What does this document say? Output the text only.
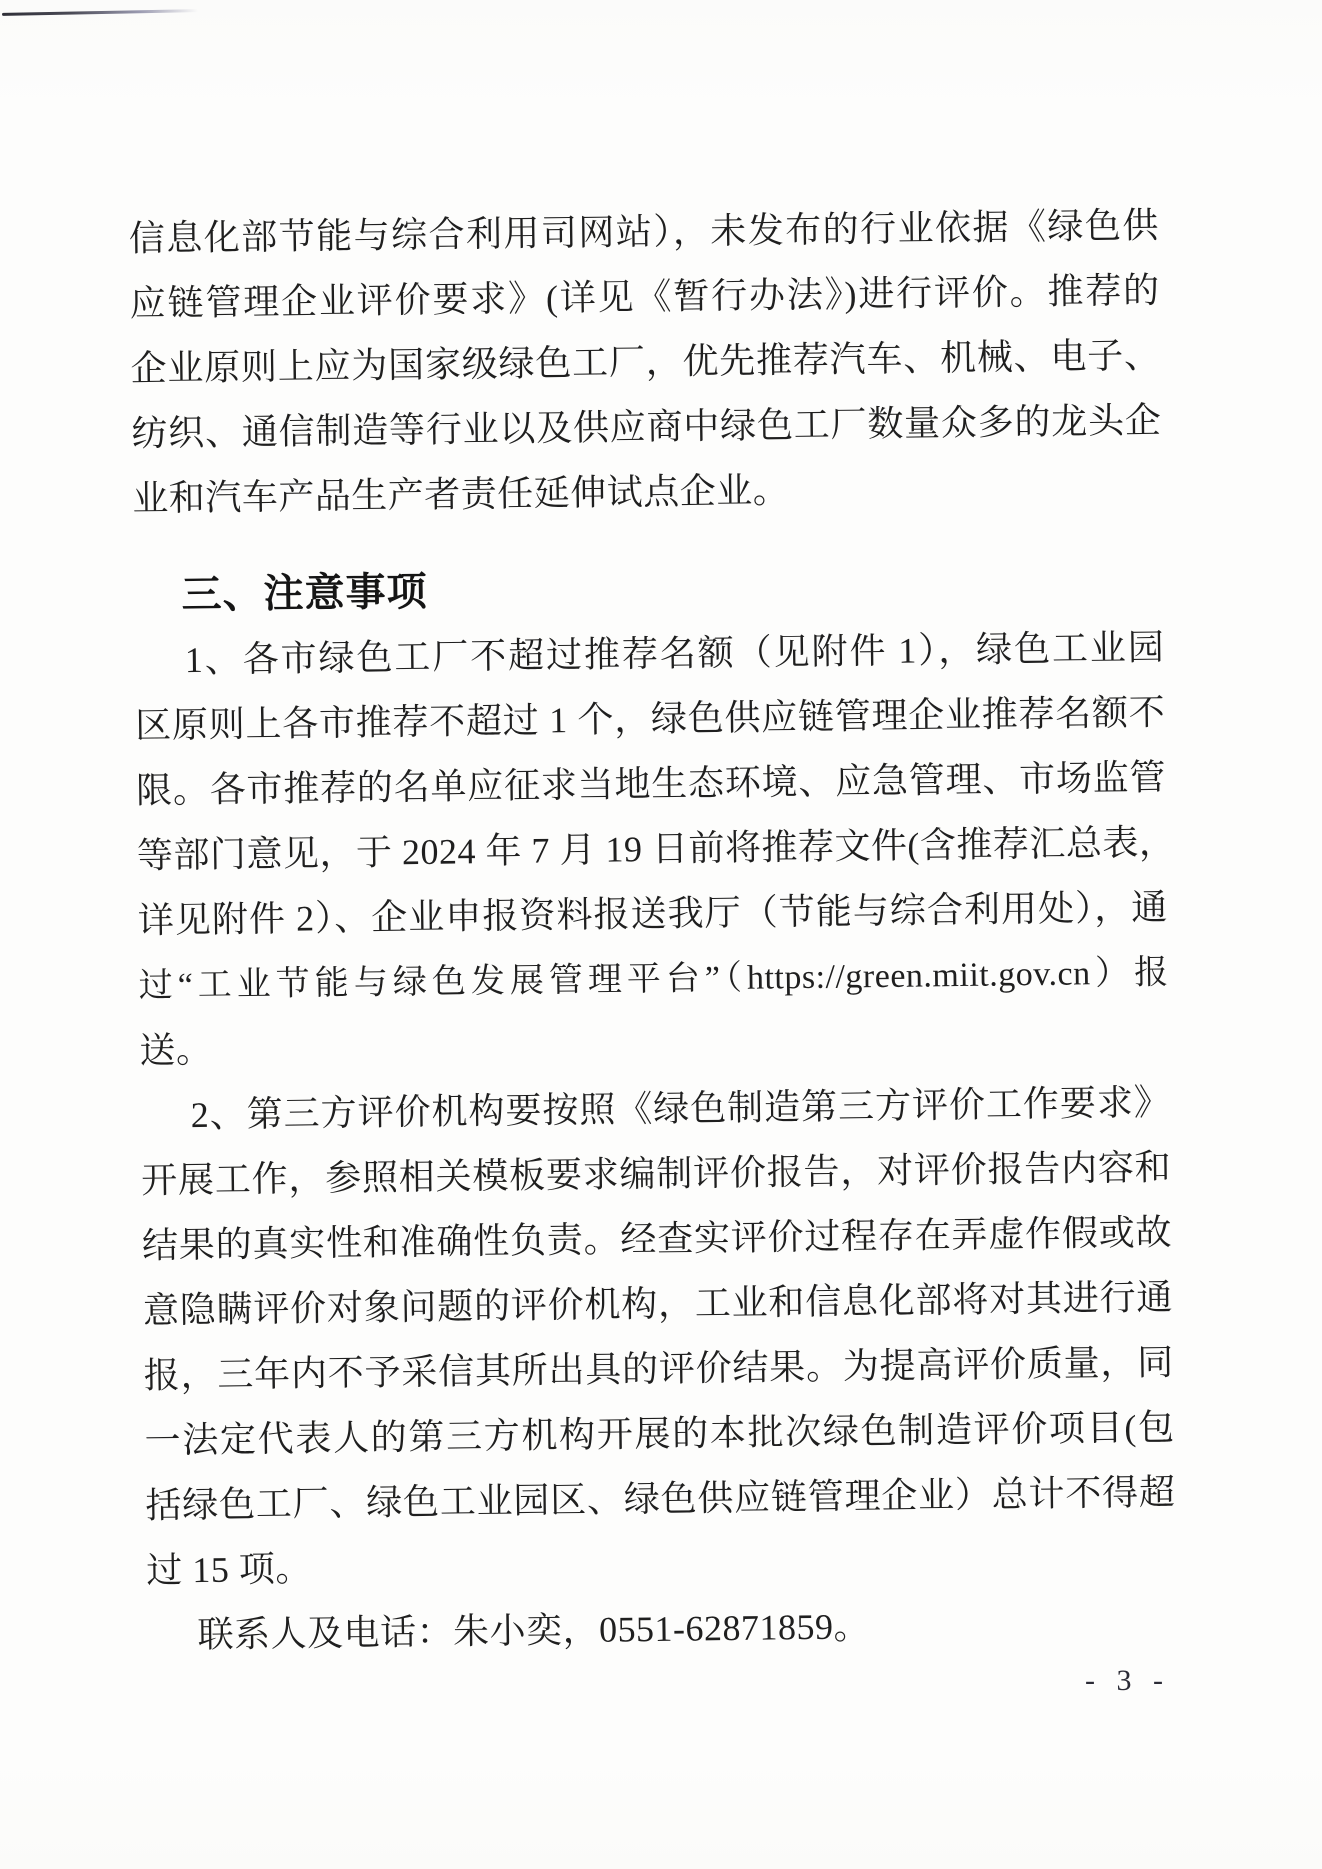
信息化部节能与综合利用司网站），未发布的行业依据《绿色供
应链管理企业评价要求》(详见《暂行办法》)进行评价。推荐的
企业原则上应为国家级绿色工厂，优先推荐汽车、机械、电子、
纺织、通信制造等行业以及供应商中绿色工厂数量众多的龙头企
业和汽车产品生产者责任延伸试点企业。
三、注意事项
1、各市绿色工厂不超过推荐名额（见附件 1），绿色工业园
区原则上各市推荐不超过 1 个，绿色供应链管理企业推荐名额不
限。各市推荐的名单应征求当地生态环境、应急管理、市场监管
等部门意见，于 2024 年 7 月 19 日前将推荐文件(含推荐汇总表，
详见附件 2）、企业申报资料报送我厅（节能与综合利用处），通
过“工业节能与绿色发展管理平台”（https://green.miit.gov.cn）报
送。
2、第三方评价机构要按照《绿色制造第三方评价工作要求》
开展工作，参照相关模板要求编制评价报告，对评价报告内容和
结果的真实性和准确性负责。经查实评价过程存在弄虚作假或故
意隐瞒评价对象问题的评价机构，工业和信息化部将对其进行通
报，三年内不予采信其所出具的评价结果。为提高评价质量，同
一法定代表人的第三方机构开展的本批次绿色制造评价项目(包
括绿色工厂、绿色工业园区、绿色供应链管理企业）总计不得超
过 15 项。
联系人及电话：朱小奕，0551-62871859。
- 3 -
